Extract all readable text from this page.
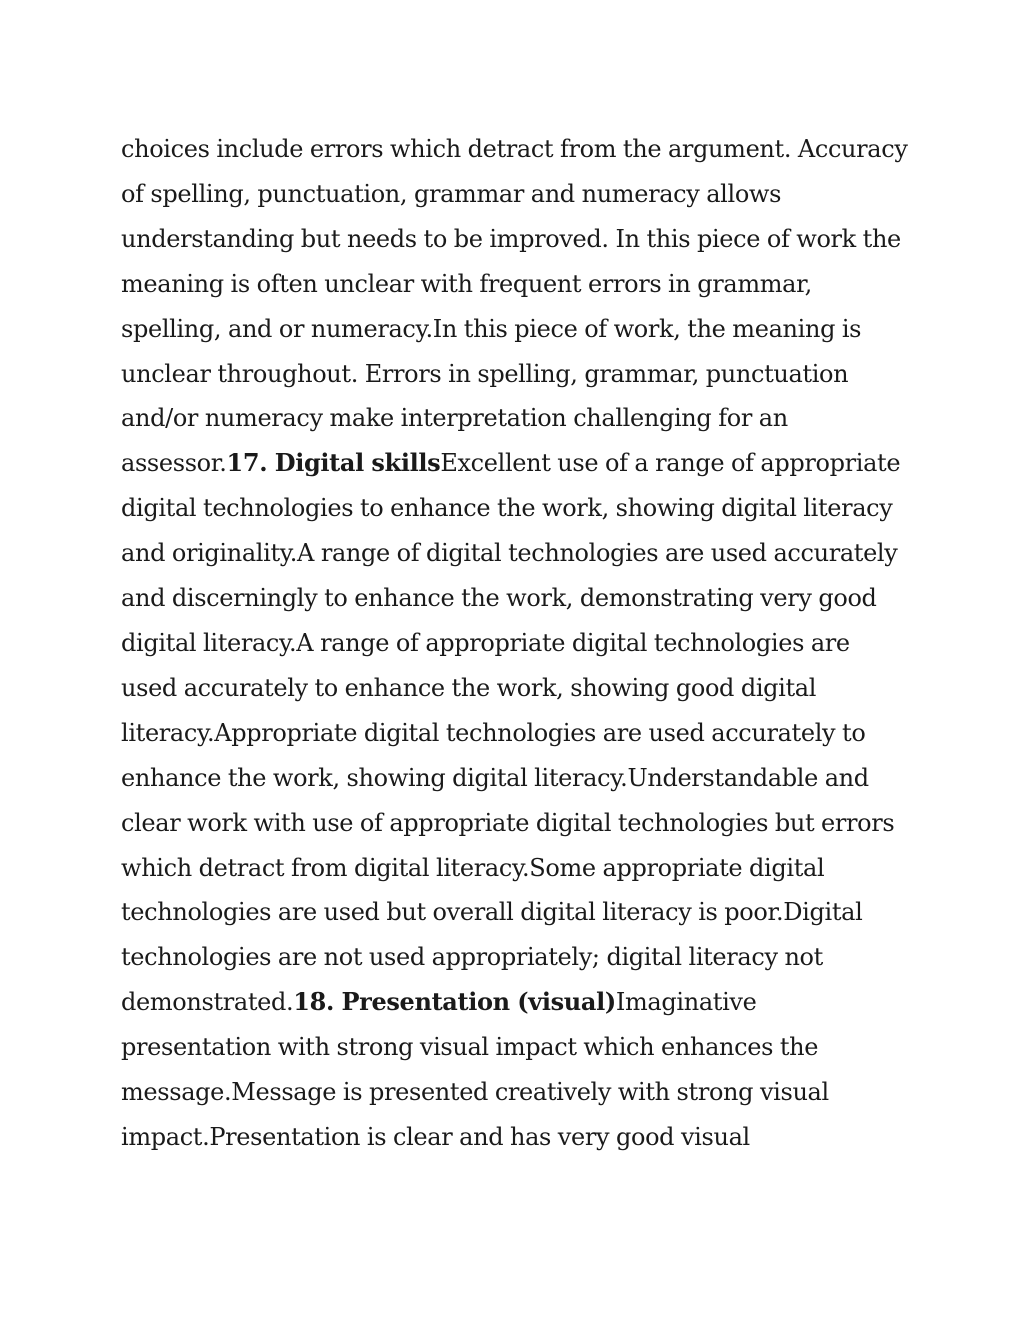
choices include errors which detract from the argument. Accuracy of spelling, punctuation, grammar and numeracy allows understanding but needs to be improved. In this piece of work the meaning is often unclear with frequent errors in grammar, spelling, and or numeracy.In this piece of work, the meaning is unclear throughout. Errors in spelling, grammar, punctuation and/or numeracy make interpretation challenging for an assessor.17. Digital skillsExcellent use of a range of appropriate digital technologies to enhance the work, showing digital literacy and originality.A range of digital technologies are used accurately and discerningly to enhance the work, demonstrating very good digital literacy.A range of appropriate digital technologies are used accurately to enhance the work, showing good digital literacy.Appropriate digital technologies are used accurately to enhance the work, showing digital literacy.Understandable and clear work with use of appropriate digital technologies but errors which detract from digital literacy.Some appropriate digital technologies are used but overall digital literacy is poor.Digital technologies are not used appropriately; digital literacy not demonstrated.18. Presentation (visual)Imaginative presentation with strong visual impact which enhances the message.Message is presented creatively with strong visual impact.Presentation is clear and has very good visual
